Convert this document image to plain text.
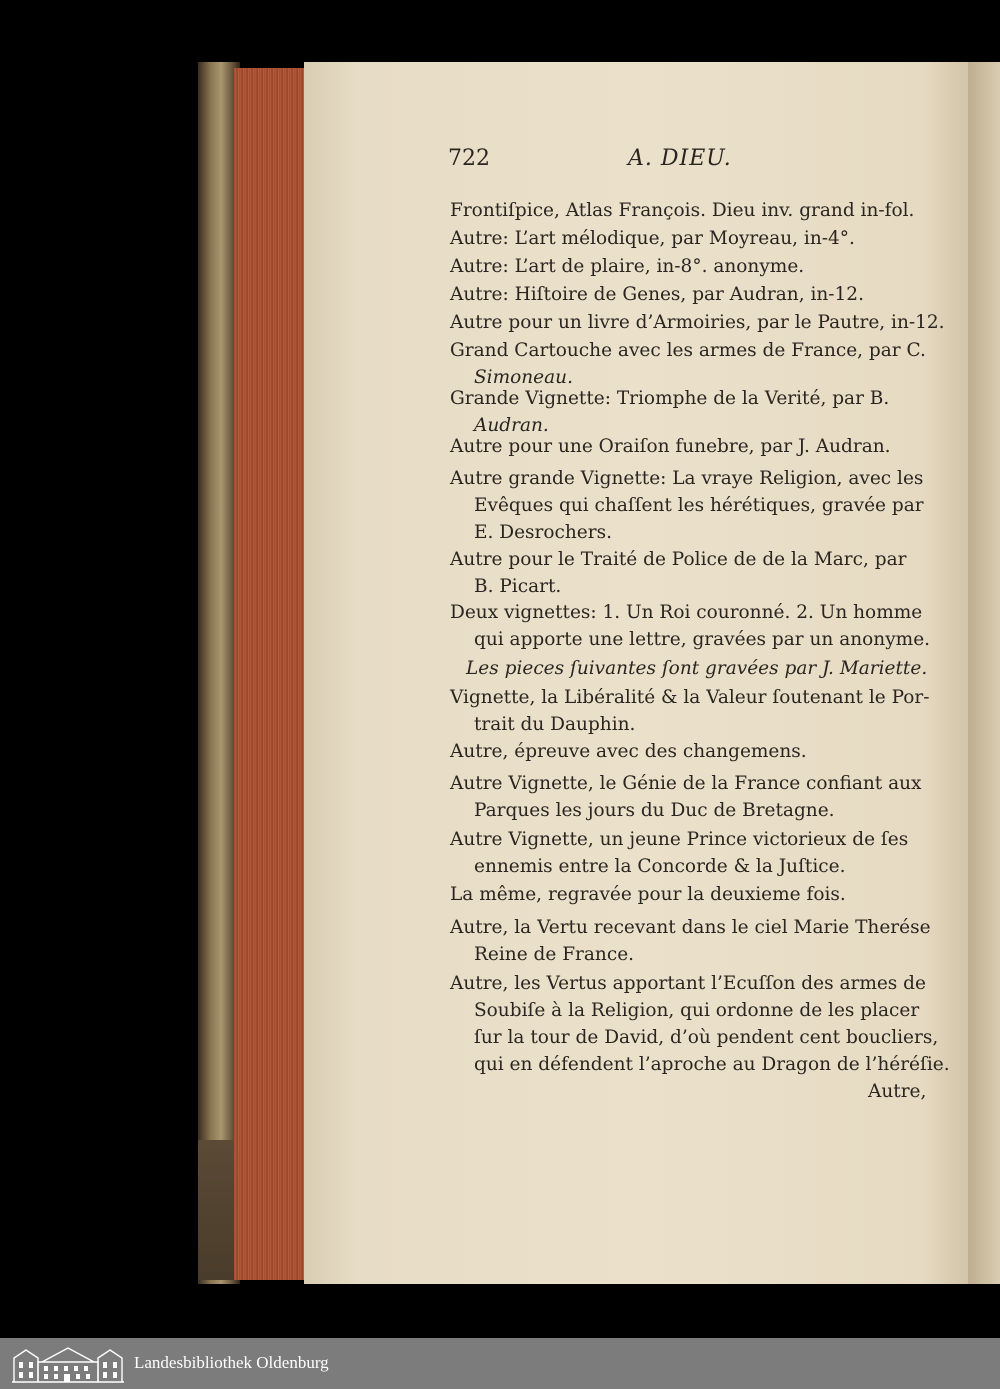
722	A. DIEU.
Frontiſpice, Atlas François. Dieu inv. grand in-fol.
Autre: L’art mélodique, par Moyreau, in-4°.
Autre: L’art de plaire, in-8°. anonyme.
Autre: Hiſtoire de Genes, par Audran, in-12.
Autre pour un livre d’Armoiries, par le Pautre, in-12.
Grand Cartouche avec les armes de France, par C.
Simoneau.
Grande Vignette: Triomphe de la Verité, par B.
Audran.
Autre pour une Oraiſon funebre, par J. Audran.
Autre grande Vignette: La vraye Religion, avec les
Evêques qui chaſſent les hérétiques, gravée par
E. Desrochers.
Autre pour le Traité de Police de de la Marc, par
B. Picart.
Deux vignettes: 1. Un Roi couronné. 2. Un homme
qui apporte une lettre, gravées par un anonyme.
Les pieces ſuivantes ſont gravées par J. Mariette.
Vignette, la Libéralité & la Valeur ſoutenant le Por-
trait du Dauphin.
Autre, épreuve avec des changemens.
Autre Vignette, le Génie de la France confiant aux
Parques les jours du Duc de Bretagne.
Autre Vignette, un jeune Prince victorieux de ſes
ennemis entre la Concorde & la Juſtice.
La même, regravée pour la deuxieme fois.
Autre, la Vertu recevant dans le ciel Marie Therése
Reine de France.
Autre, les Vertus apportant l’Ecuſſon des armes de
Soubiſe à la Religion, qui ordonne de les placer
ſur la tour de David, d’où pendent cent boucliers,
qui en défendent l’aproche au Dragon de l’héréſie.
Autre,
Landesbibliothek Oldenburg
